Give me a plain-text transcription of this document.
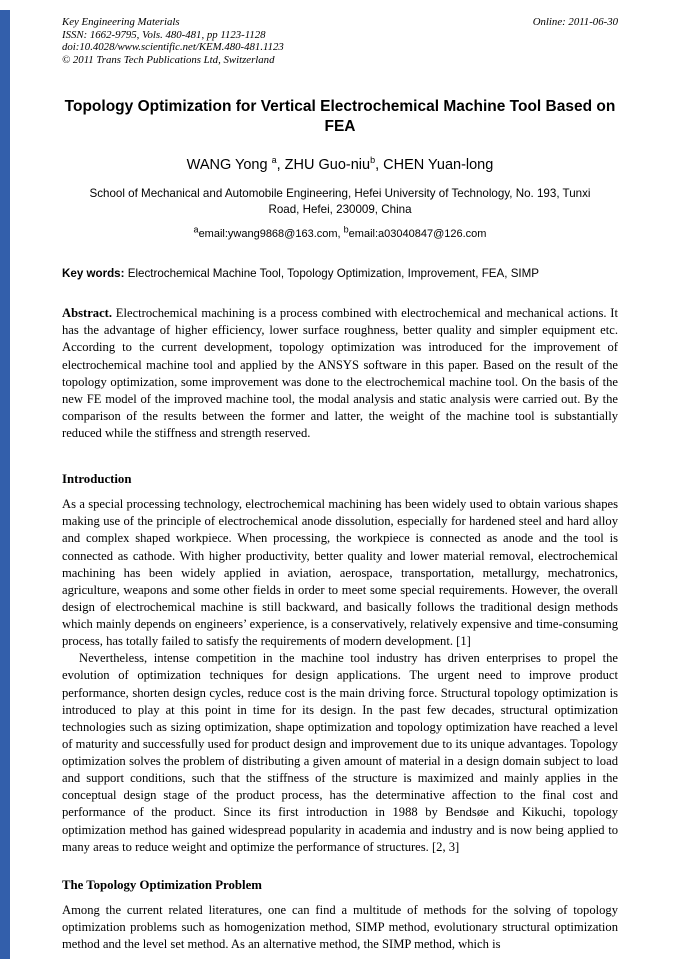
Key Engineering Materials
ISSN: 1662-9795, Vols. 480-481, pp 1123-1128
doi:10.4028/www.scientific.net/KEM.480-481.1123
© 2011 Trans Tech Publications Ltd, Switzerland
Online: 2011-06-30
Topology Optimization for Vertical Electrochemical Machine Tool Based on FEA
WANG Yong $^a$, ZHU Guo-niu$^b$, CHEN Yuan-long
School of Mechanical and Automobile Engineering, Hefei University of Technology, No. 193, Tunxi Road, Hefei, 230009, China
$^a$email:ywang9868@163.com, $^b$email:a03040847@126.com
Key words: Electrochemical Machine Tool, Topology Optimization, Improvement, FEA, SIMP

Abstract. Electrochemical machining is a process combined with electrochemical and mechanical actions. It has the advantage of higher efficiency, lower surface roughness, better quality and simpler equipment etc. According to the current development, topology optimization was introduced for the improvement of electrochemical machine tool and applied by the ANSYS software in this paper. Based on the result of the topology optimization, some improvement was done to the electrochemical machine tool. On the basis of the new FE model of the improved machine tool, the modal analysis and static analysis were carried out. By the comparison of the results between the former and latter, the weight of the machine tool is substantially reduced while the stiffness and strength reserved.

Introduction

As a special processing technology, electrochemical machining has been widely used to obtain various shapes making use of the principle of electrochemical anode dissolution, especially for hardened steel and hard alloy and complex shaped workpiece. When processing, the workpiece is connected as anode and the tool is connected as cathode. With higher productivity, better quality and lower material removal, electrochemical machining has been widely applied in aviation, aerospace, transportation, metallurgy, mechatronics, agriculture, weapons and some other fields in order to meet some special requirements. However, the overall design of electrochemical machine is still backward, and basically follows the traditional design methods which mainly depends on engineers’ experience, is a conservatively, relatively expensive and time-consuming process, has totally failed to satisfy the requirements of modern development. [1]

Nevertheless, intense competition in the machine tool industry has driven enterprises to propel the evolution of optimization techniques for design applications. The urgent need to improve product performance, shorten design cycles, reduce cost is the main driving force. Structural topology optimization is introduced to play at this point in time for its design. In the past few decades, structural optimization technologies such as sizing optimization, shape optimization and topology optimization have reached a level of maturity and successfully used for product design and improvement due to its unique advantages. Topology optimization solves the problem of distributing a given amount of material in a design domain subject to load and support conditions, such that the stiffness of the structure is maximized and mainly applies in the conceptual design stage of the product process, has the determinative affection to the final cost and performance of the product. Since its first introduction in 1988 by Bendsøe and Kikuchi, topology optimization method has gained widespread popularity in academia and industry and is now being applied to many areas to reduce weight and optimize the performance of structures. [2, 3]

The Topology Optimization Problem

Among the current related literatures, one can find a multitude of methods for the solving of topology optimization problems such as homogenization method, SIMP method, evolutionary structural optimization method and the level set method. As an alternative method, the SIMP method, which is
